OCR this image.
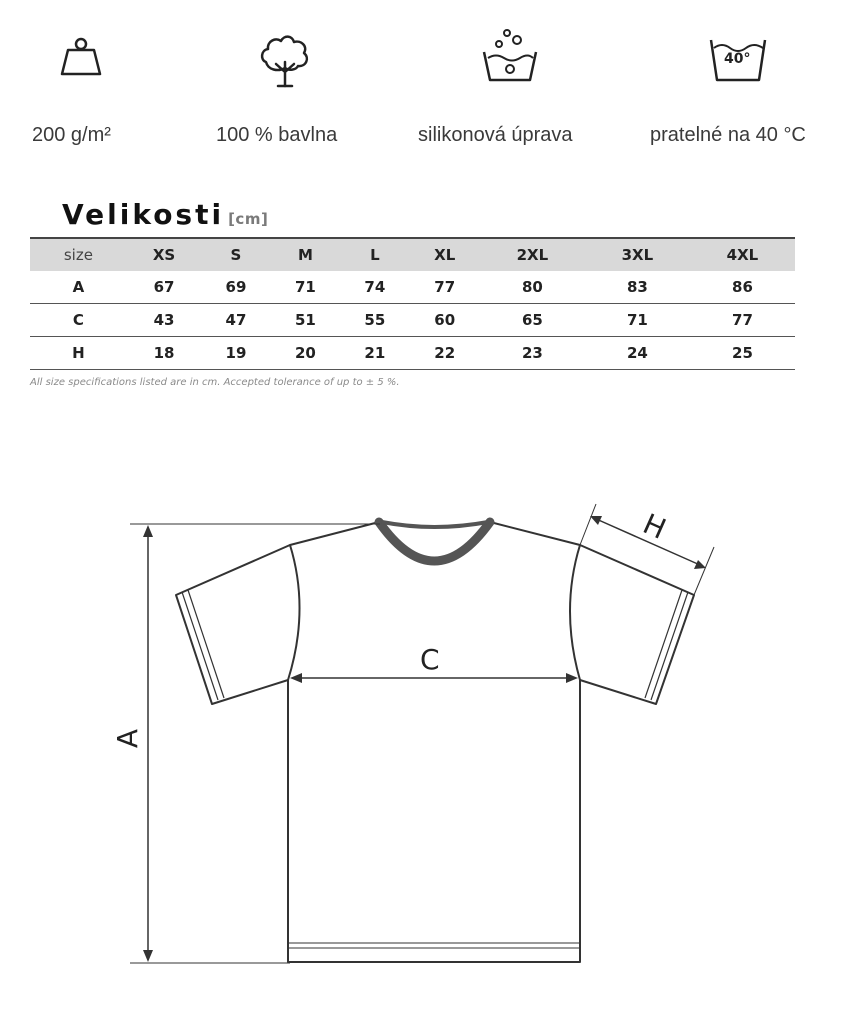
40°
200 g/m²	100 % bavlna	silikonová úprava	pratelné na 40 °C
Velikosti [cm]
size	XS	S	M	L	XL	2XL	3XL	4XL
A	67	69	71	74	77	80	83	86
C	43	47	51	55	60	65	71	77
H	18	19	20	21	22	23	24	25
All size specifications listed are in cm. Accepted tolerance of up to ± 5 %.
A
C
H
